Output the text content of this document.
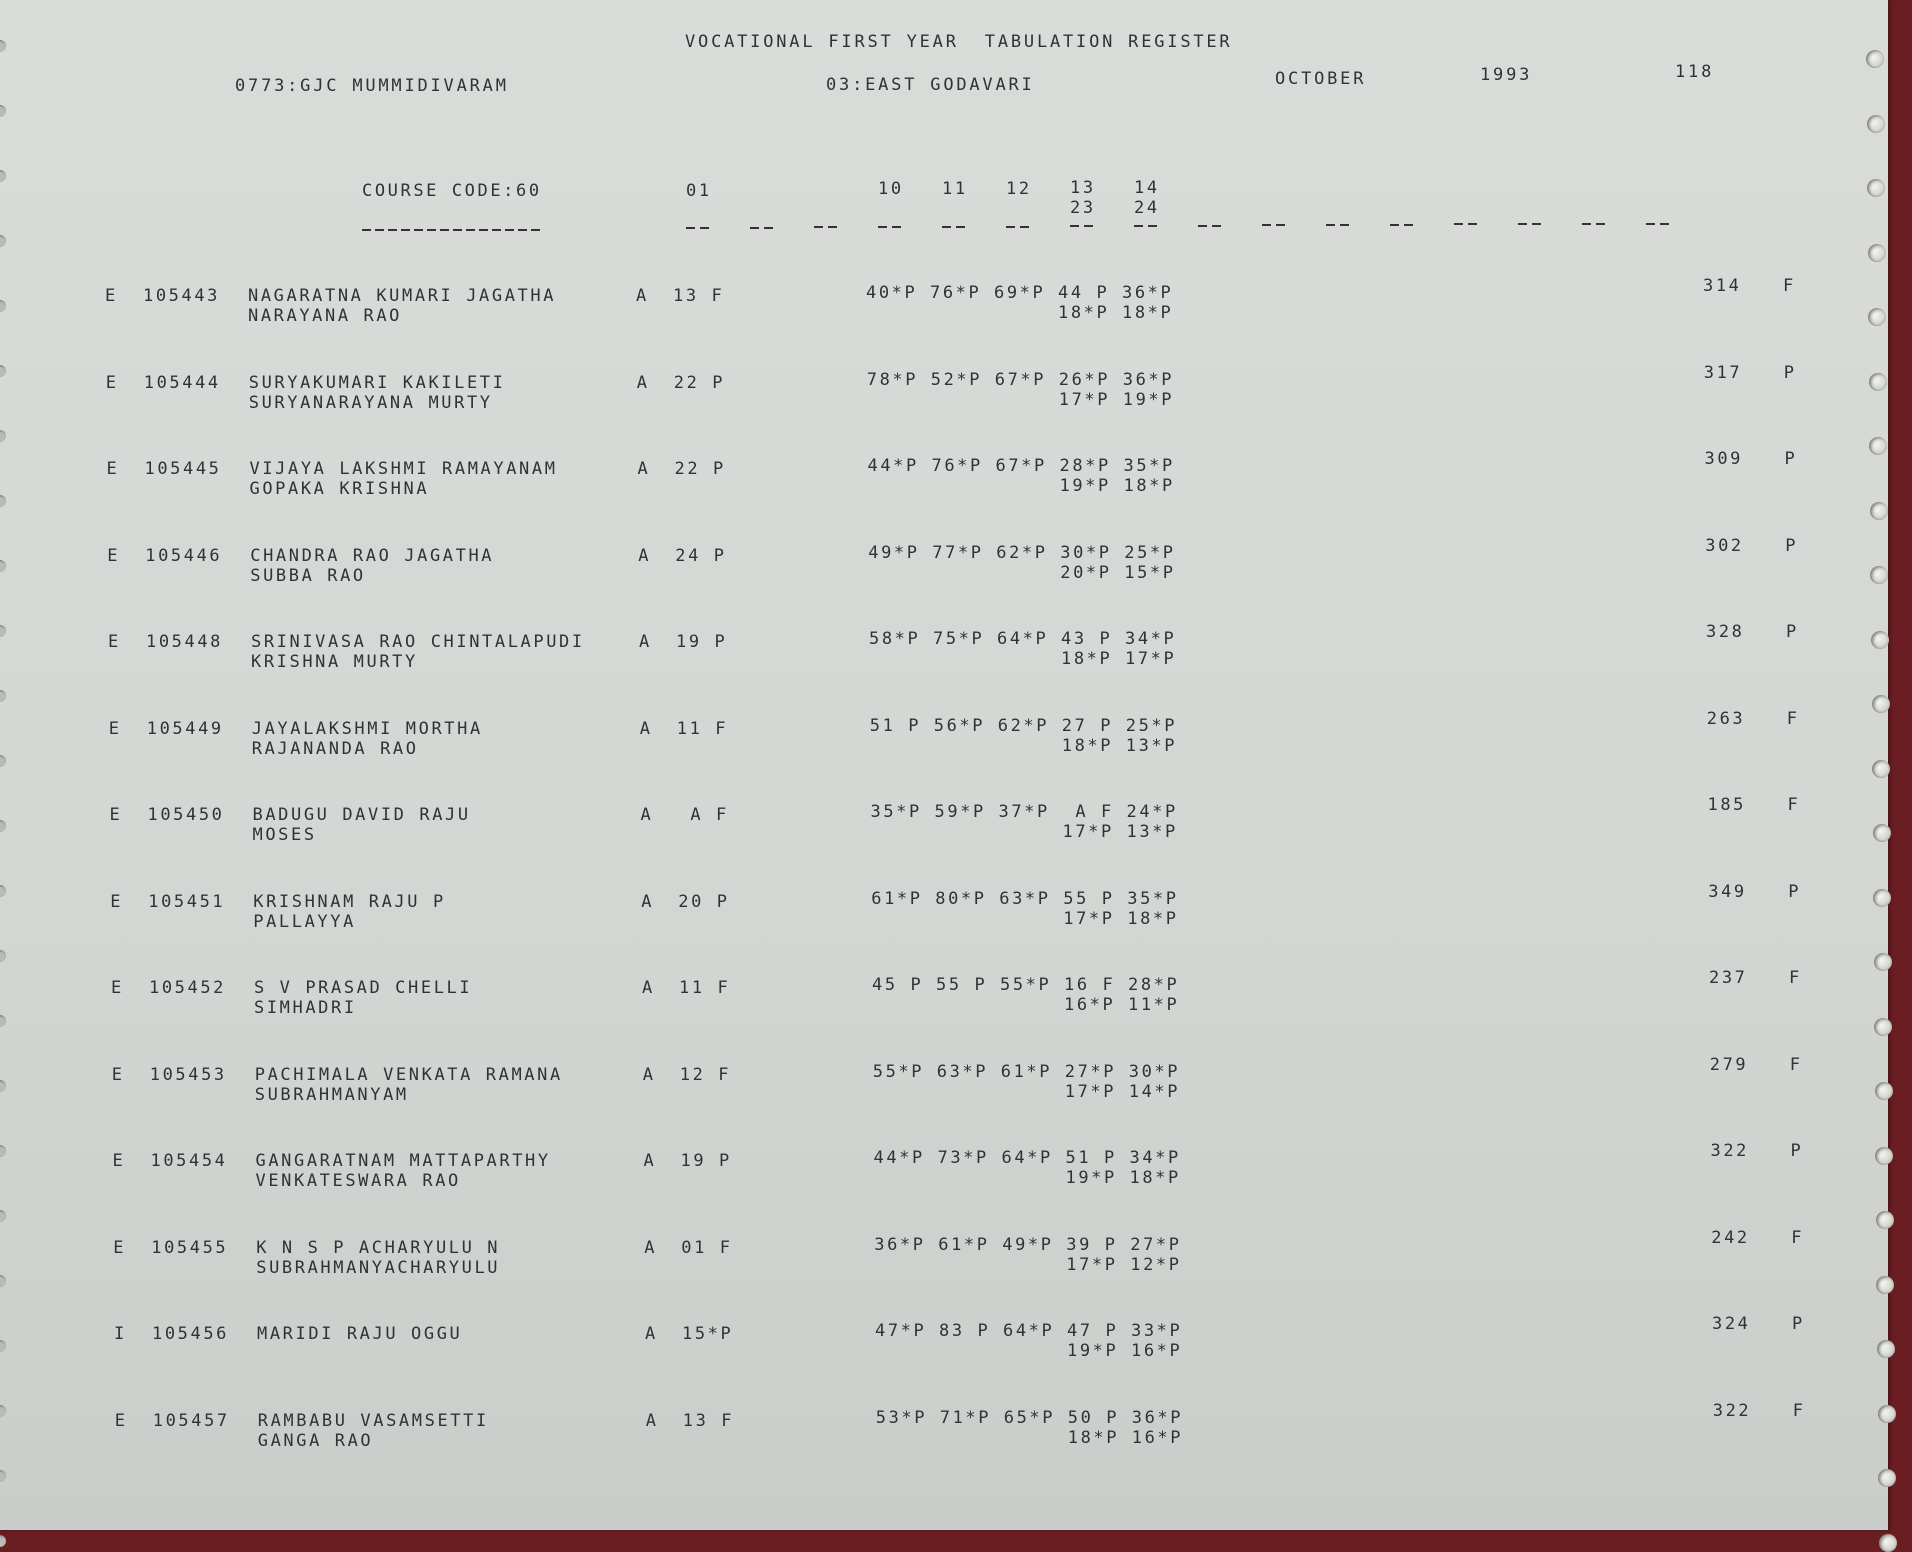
VOCATIONAL FIRST YEAR  TABULATION REGISTER
0773:GJC MUMMIDIVARAM	03:EAST GODAVARI	OCTOBER	1993	118
COURSE CODE:60	01	10 11 12 13 14
23 24
E 105443 NAGARATNA KUMARI JAGATHA	A 13 F	40*P 76*P 69*P 44 P 36*P	314 F
NARAYANA RAO	18*P 18*P
E 105444 SURYAKUMARI KAKILETI	A 22 P	78*P 52*P 67*P 26*P 36*P	317 P
SURYANARAYANA MURTY	17*P 19*P
E 105445 VIJAYA LAKSHMI RAMAYANAM	A 22 P	44*P 76*P 67*P 28*P 35*P	309 P
GOPAKA KRISHNA	19*P 18*P
E 105446 CHANDRA RAO JAGATHA	A 24 P	49*P 77*P 62*P 30*P 25*P	302 P
SUBBA RAO	20*P 15*P
E 105448 SRINIVASA RAO CHINTALAPUDI	A 19 P	58*P 75*P 64*P 43 P 34*P	328 P
KRISHNA MURTY	18*P 17*P
E 105449 JAYALAKSHMI MORTHA	A 11 F	51 P 56*P 62*P 27 P 25*P	263 F
RAJANANDA RAO	18*P 13*P
E 105450 BADUGU DAVID RAJU	A A F	35*P 59*P 37*P A F 24*P	185 F
MOSES	17*P 13*P
E 105451 KRISHNAM RAJU P	A 20 P	61*P 80*P 63*P 55 P 35*P	349 P
PALLAYYA	17*P 18*P
E 105452 S V PRASAD CHELLI	A 11 F	45 P 55 P 55*P 16 F 28*P	237 F
SIMHADRI	16*P 11*P
E 105453 PACHIMALA VENKATA RAMANA	A 12 F	55*P 63*P 61*P 27*P 30*P	279 F
SUBRAHMANYAM	17*P 14*P
E 105454 GANGARATNAM MATTAPARTHY	A 19 P	44*P 73*P 64*P 51 P 34*P	322 P
VENKATESWARA RAO	19*P 18*P
E 105455 K N S P ACHARYULU N	A 01 F	36*P 61*P 49*P 39 P 27*P	242 F
SUBRAHMANYACHARYULU	17*P 12*P
I 105456 MARIDI RAJU OGGU	A 15*P	47*P 83 P 64*P 47 P 33*P	324 P
19*P 16*P
E 105457 RAMBABU VASAMSETTI	A 13 F	53*P 71*P 65*P 50 P 36*P	322 F
GANGA RAO	18*P 16*P
